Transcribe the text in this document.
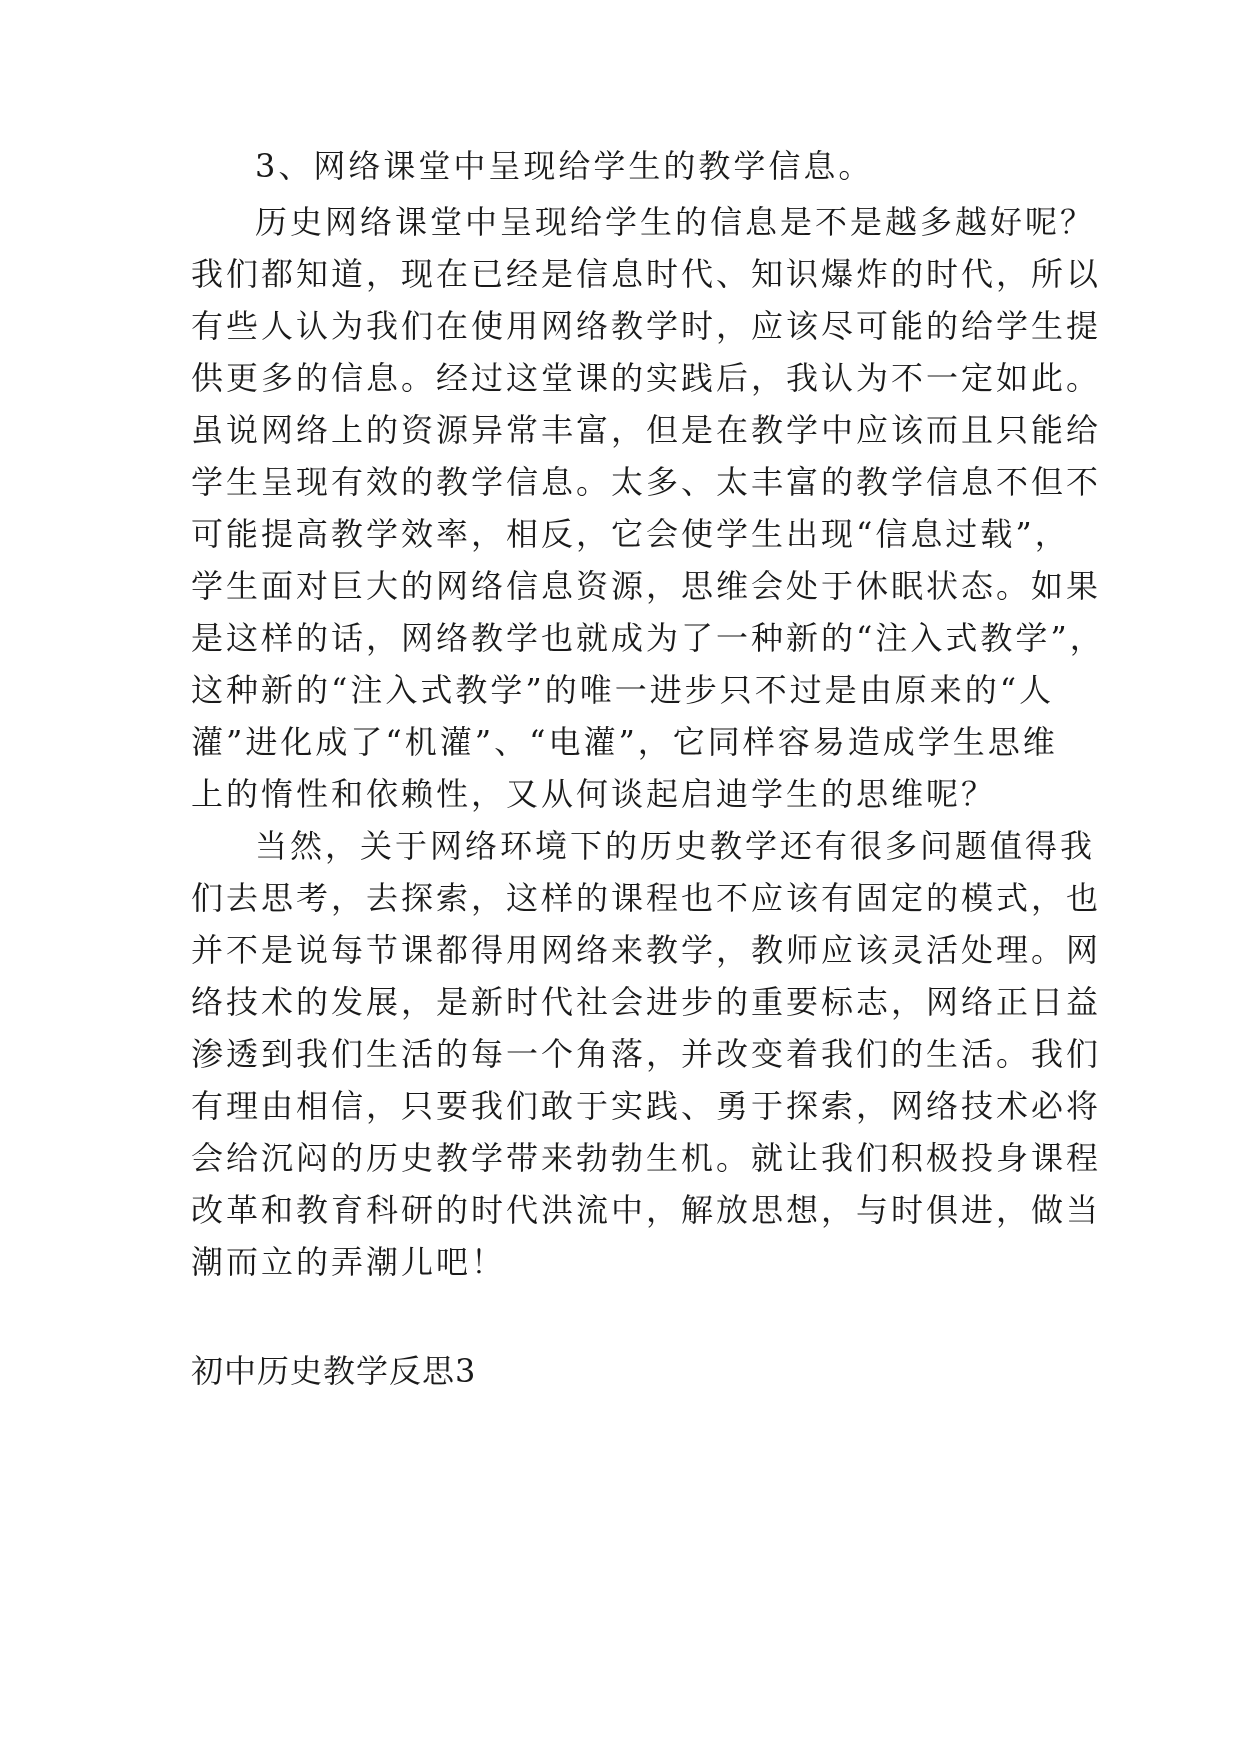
3、网络课堂中呈现给学生的教学信息。
历史网络课堂中呈现给学生的信息是不是越多越好呢？
我们都知道，现在已经是信息时代、知识爆炸的时代，所以
有些人认为我们在使用网络教学时，应该尽可能的给学生提
供更多的信息。经过这堂课的实践后，我认为不一定如此。
虽说网络上的资源异常丰富，但是在教学中应该而且只能给
学生呈现有效的教学信息。太多、太丰富的教学信息不但不
可能提高教学效率，相反，它会使学生出现“信息过载”，
学生面对巨大的网络信息资源，思维会处于休眠状态。如果
是这样的话，网络教学也就成为了一种新的“注入式教学”，
这种新的“注入式教学”的唯一进步只不过是由原来的“人
灌”进化成了“机灌”、“电灌”，它同样容易造成学生思维
上的惰性和依赖性，又从何谈起启迪学生的思维呢？
当然，关于网络环境下的历史教学还有很多问题值得我
们去思考，去探索，这样的课程也不应该有固定的模式，也
并不是说每节课都得用网络来教学，教师应该灵活处理。网
络技术的发展，是新时代社会进步的重要标志，网络正日益
渗透到我们生活的每一个角落，并改变着我们的生活。我们
有理由相信，只要我们敢于实践、勇于探索，网络技术必将
会给沉闷的历史教学带来勃勃生机。就让我们积极投身课程
改革和教育科研的时代洪流中，解放思想，与时俱进，做当
潮而立的弄潮儿吧！
初中历史教学反思3
